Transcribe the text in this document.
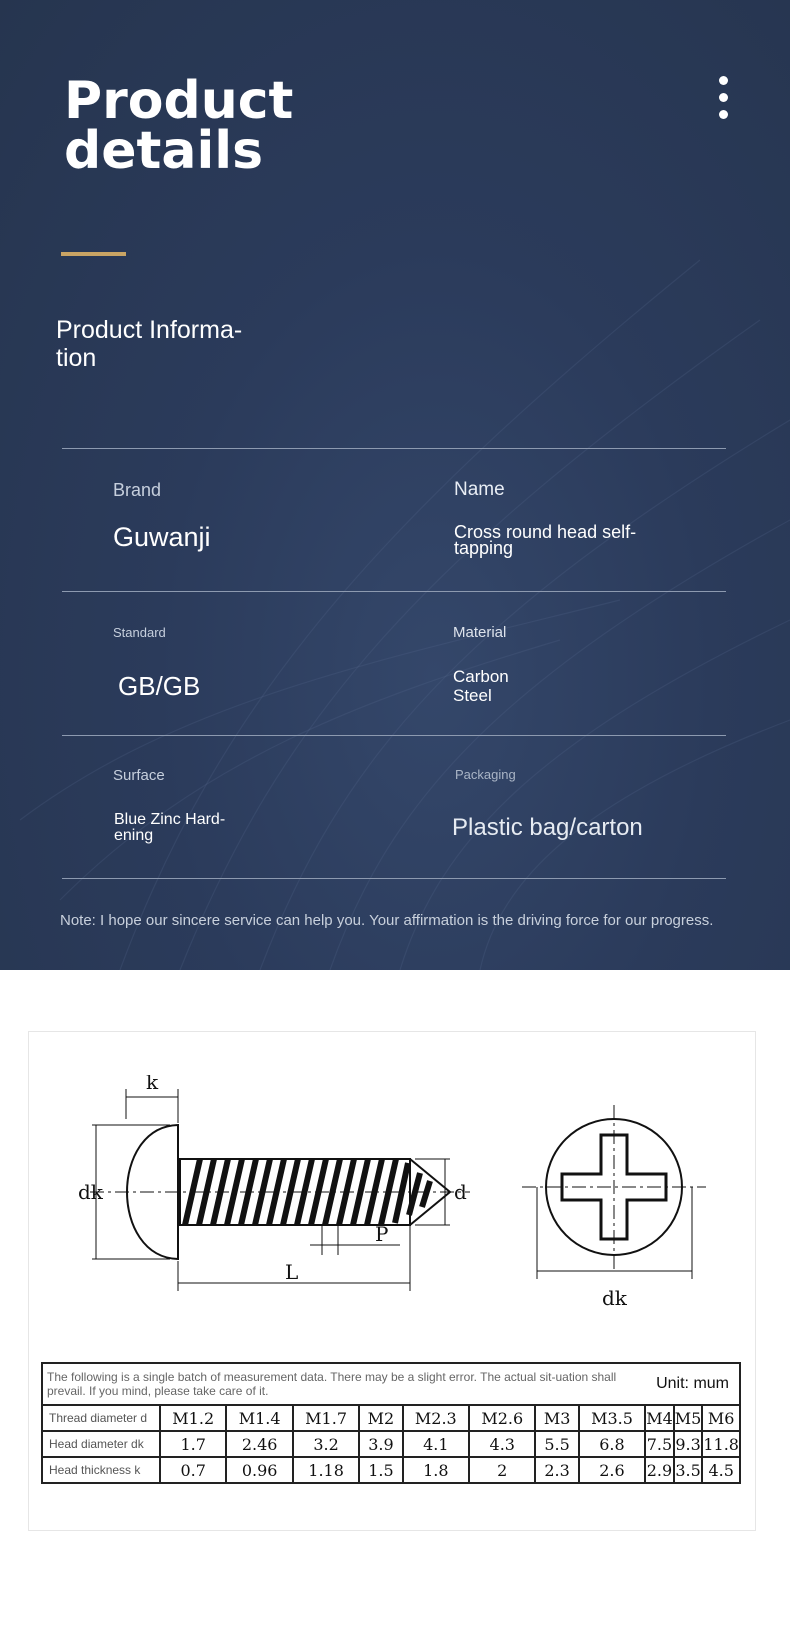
Product
details
Product Informa-tion
Brand
Guwanji
Name
Cross round head self-tapping
Standard
GB/GB
Material
Carbon Steel
Surface
Blue Zinc Hard-ening
Packaging
Plastic bag/carton
Note: I hope our sincere service can help you. Your affirmation is the driving force for our progress.
k
dk	d
P
L
dk
The following is a single batch of measurement data. There may be a slight error. The actual sit-uation shall prevail. If you mind, please take care of it.									Unit: mum		
Thread diameter d	M1.2	M1.4	M1.7	M2	M2.3	M2.6	M3	M3.5	M4	M5	M6
Head diameter dk	1.7	2.46	3.2	3.9	4.1	4.3	5.5	6.8	7.5	9.3	11.8
Head thickness k	0.7	0.96	1.18	1.5	1.8	2	2.3	2.6	2.9	3.5	4.5
